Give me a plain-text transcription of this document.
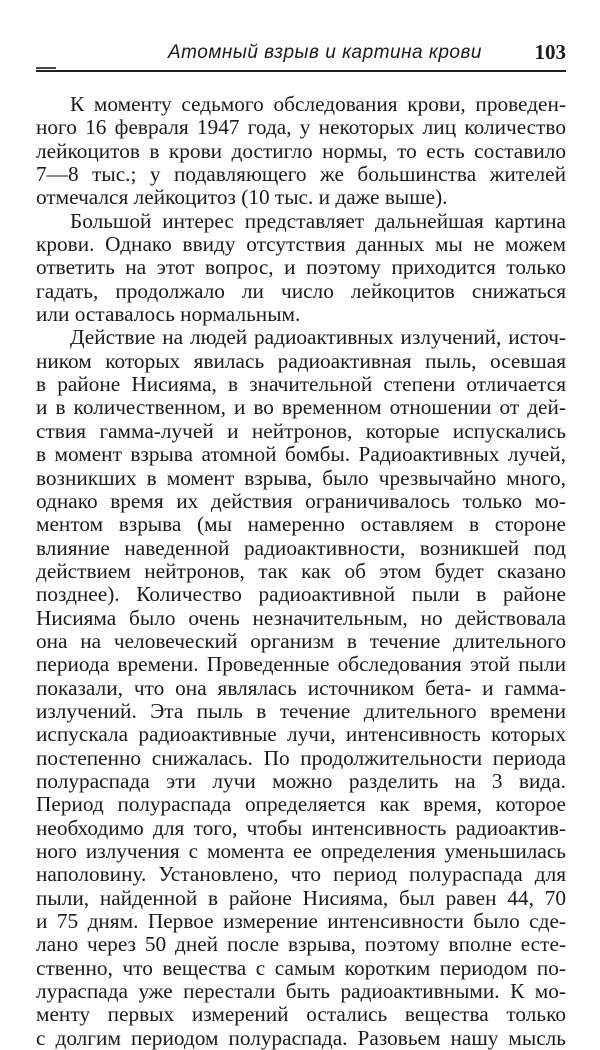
Атомный взрыв и картина крови	103
К моменту седьмого обследования крови, проведен-
ного 16 февраля 1947 года, у некоторых лиц количество
лейкоцитов в крови достигло нормы, то есть составило
7—8 тыс.; у подавляющего же большинства жителей
отмечался лейкоцитоз (10 тыс. и даже выше).
Большой интерес представляет дальнейшая картина
крови. Однако ввиду отсутствия данных мы не можем
ответить на этот вопрос, и поэтому приходится только
гадать, продолжало ли число лейкоцитов снижаться
или оставалось нормальным.
Действие на людей радиоактивных излучений, источ-
ником которых явилась радиоактивная пыль, осевшая
в районе Нисияма, в значительной степени отличается
и в количественном, и во временном отношении от дей-
ствия гамма-лучей и нейтронов, которые испускались
в момент взрыва атомной бомбы. Радиоактивных лучей,
возникших в момент взрыва, было чрезвычайно много,
однако время их действия ограничивалось только мо-
ментом взрыва (мы намеренно оставляем в стороне
влияние наведенной радиоактивности, возникшей под
действием нейтронов, так как об этом будет сказано
позднее). Количество радиоактивной пыли в районе
Нисияма было очень незначительным, но действовала
она на человеческий организм в течение длительного
периода времени. Проведенные обследования этой пыли
показали, что она являлась источником бета- и гамма-
излучений. Эта пыль в течение длительного времени
испускала радиоактивные лучи, интенсивность которых
постепенно снижалась. По продолжительности периода
полураспада эти лучи можно разделить на 3 вида.
Период полураспада определяется как время, которое
необходимо для того, чтобы интенсивность радиоактив-
ного излучения с момента ее определения уменьшилась
наполовину. Установлено, что период полураспада для
пыли, найденной в районе Нисияма, был равен 44, 70
и 75 дням. Первое измерение интенсивности было сде-
лано через 50 дней после взрыва, поэтому вполне есте-
ственно, что вещества с самым коротким периодом по-
лураспада уже перестали быть радиоактивными. К мо-
менту первых измерений остались вещества только
с долгим периодом полураспада. Разовьем нашу мысль
